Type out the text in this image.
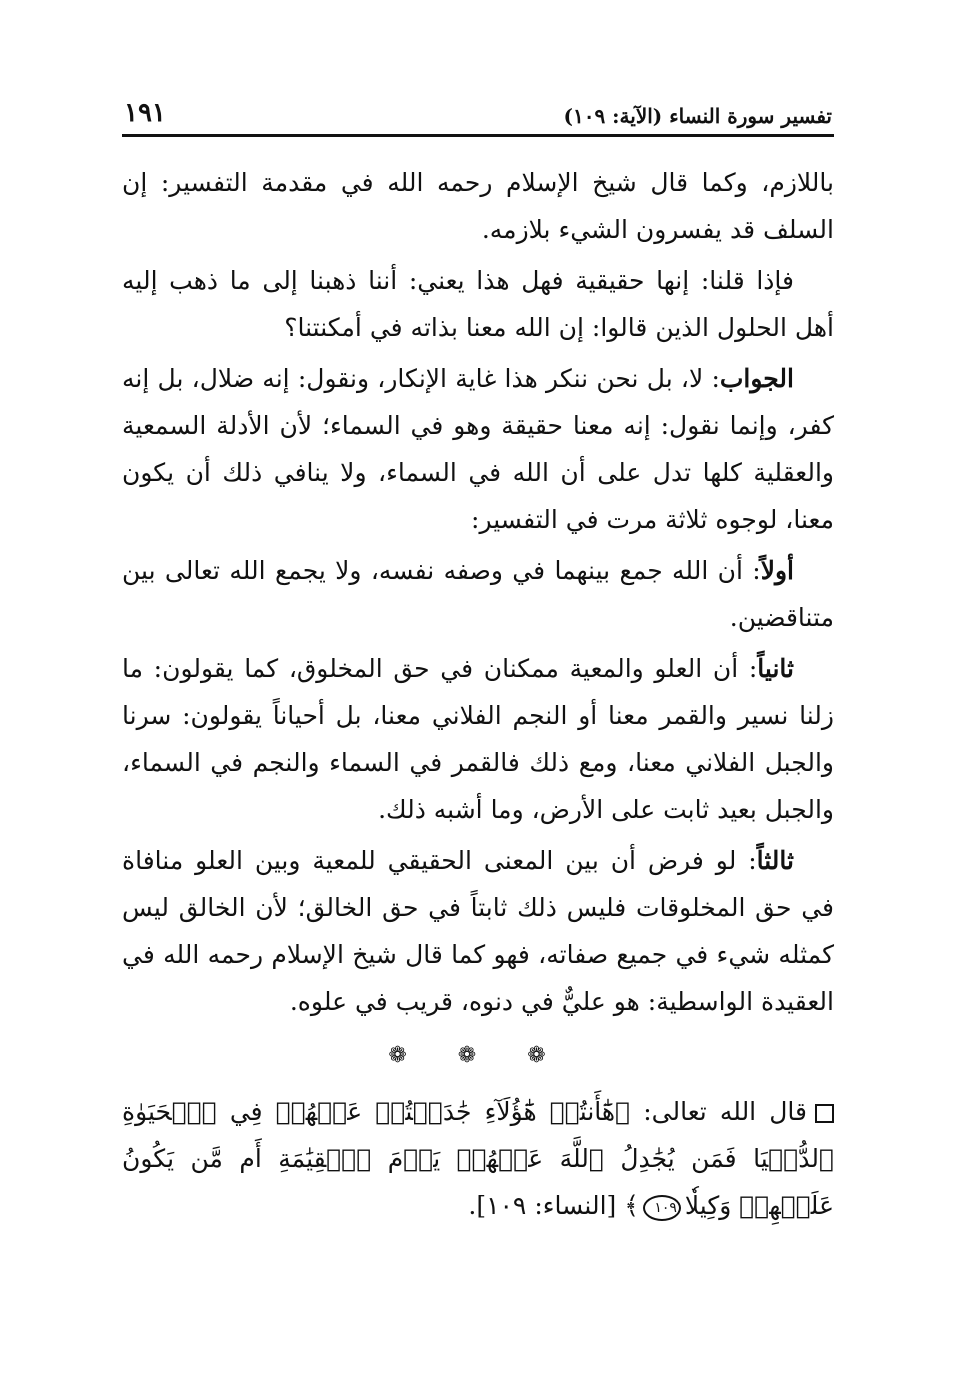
تفسير سورة النساء (الآية: ١٠٩)
١٩١

باللازم، وكما قال شيخ الإسلام رحمه الله في مقدمة التفسير: إن السلف قد يفسرون الشيء بلازمه.

فإذا قلنا: إنها حقيقية فهل هذا يعني: أننا ذهبنا إلى ما ذهب إليه أهل الحلول الذين قالوا: إن الله معنا بذاته في أمكنتنا؟

الجواب: لا، بل نحن ننكر هذا غاية الإنكار، ونقول: إنه ضلال، بل إنه كفر، وإنما نقول: إنه معنا حقيقة وهو في السماء؛ لأن الأدلة السمعية والعقلية كلها تدل على أن الله في السماء، ولا ينافي ذلك أن يكون معنا، لوجوه ثلاثة مرت في التفسير:

أولاً: أن الله جمع بينهما في وصفه نفسه، ولا يجمع الله تعالى بين متناقضين.

ثانياً: أن العلو والمعية ممكنان في حق المخلوق، كما يقولون: ما زلنا نسير والقمر معنا أو النجم الفلاني معنا، بل أحياناً يقولون: سرنا والجبل الفلاني معنا، ومع ذلك فالقمر في السماء والنجم في السماء، والجبل بعيد ثابت على الأرض، وما أشبه ذلك.

ثالثاً: لو فرض أن بين المعنى الحقيقي للمعية وبين العلو منافاة في حق المخلوقات فليس ذلك ثابتاً في حق الخالق؛ لأن الخالق ليس كمثله شيء في جميع صفاته، فهو كما قال شيخ الإسلام رحمه الله في العقيدة الواسطية: هو عليٌّ في دنوه، قريب في علوه.

❁ ❁ ❁
قال الله تعالى: ﴿هَٰٓأَنتُمۡ هَٰٓؤُلَآءِ جَٰدَلۡتُمۡ عَنۡهُمۡ فِي ٱلۡحَيَوٰةِ ٱلدُّنۡيَا فَمَن يُجَٰدِلُ ٱللَّهَ عَنۡهُمۡ يَوۡمَ ٱلۡقِيَٰمَةِ أَم مَّن يَكُونُ عَلَيۡهِمۡ وَكِيلٗا١٠٩﴾ [النساء: ١٠٩].
